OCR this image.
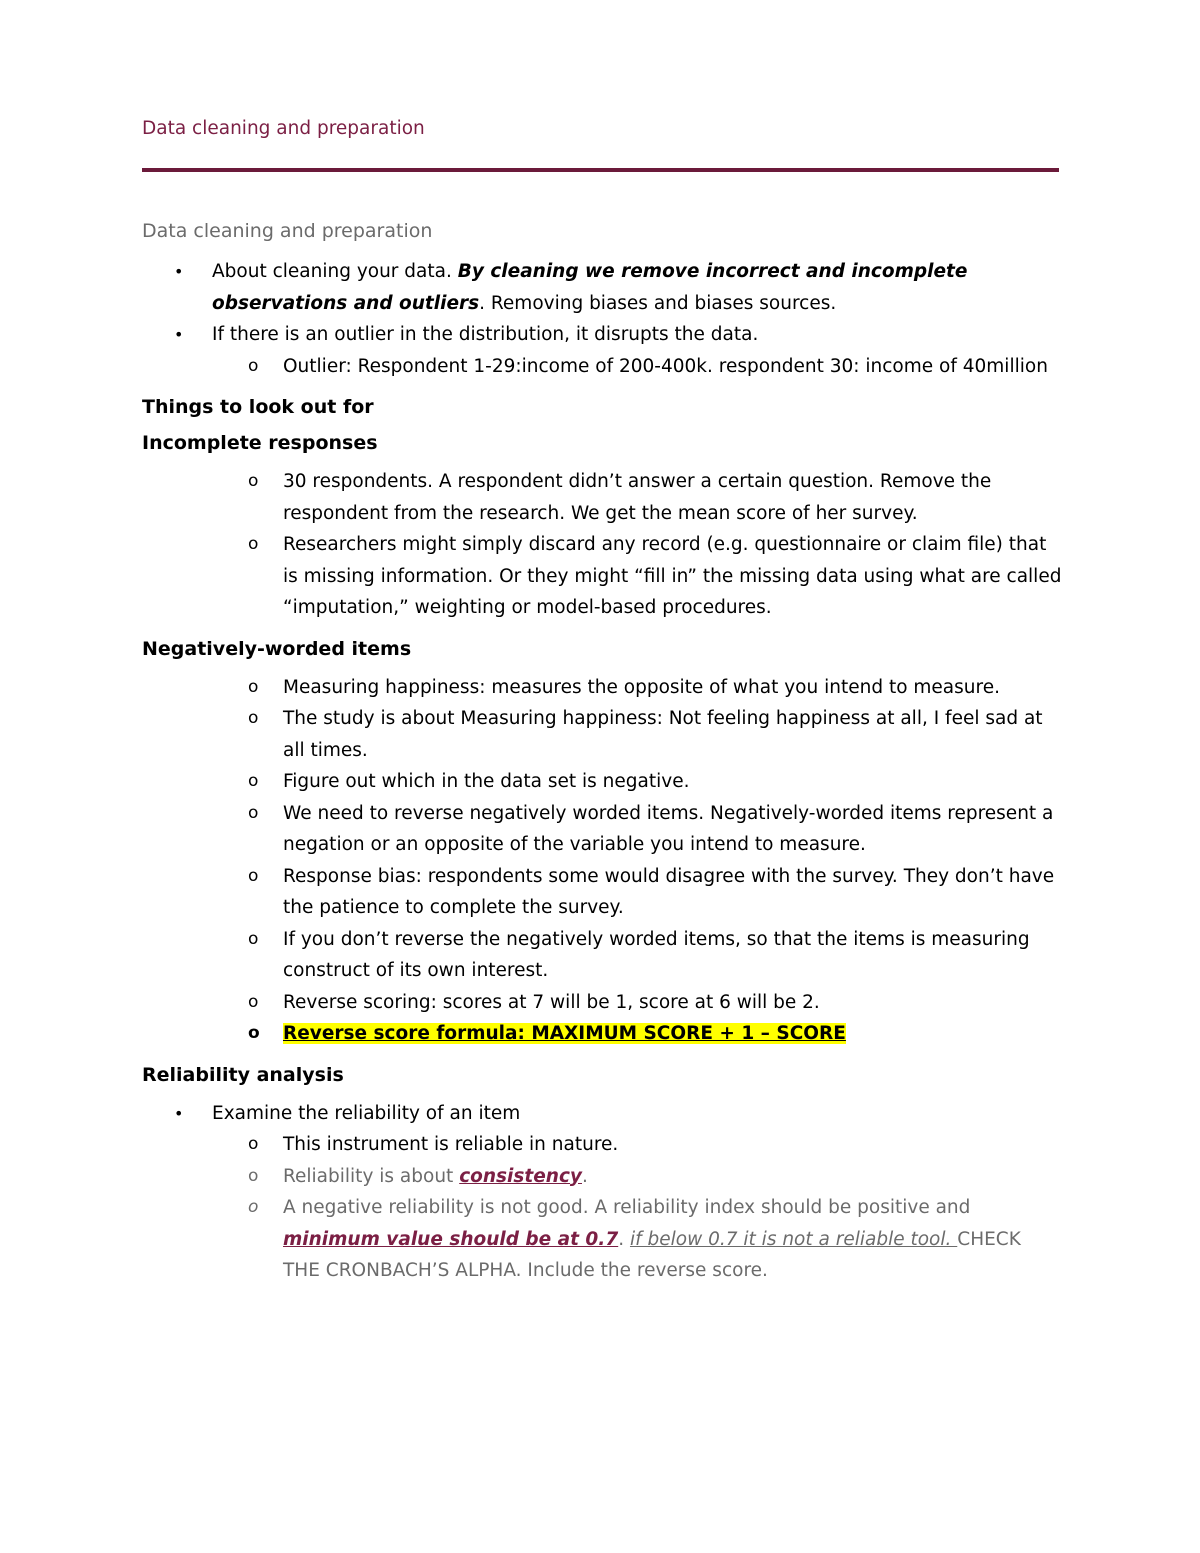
Data cleaning and preparation
Data cleaning and preparation
• About cleaning your data. By cleaning we remove incorrect and incomplete observations and outliers. Removing biases and biases sources.
• If there is an outlier in the distribution, it disrupts the data.
o Outlier: Respondent 1-29:income of 200-400k. respondent 30: income of 40million
Things to look out for
Incomplete responses
o 30 respondents. A respondent didn’t answer a certain question. Remove the respondent from the research. We get the mean score of her survey.
o Researchers might simply discard any record (e.g. questionnaire or claim file) that is missing information. Or they might “fill in” the missing data using what are called “imputation,” weighting or model-based procedures.
Negatively-worded items
o Measuring happiness: measures the opposite of what you intend to measure.
o The study is about Measuring happiness: Not feeling happiness at all, I feel sad at all times.
o Figure out which in the data set is negative.
o We need to reverse negatively worded items. Negatively-worded items represent a negation or an opposite of the variable you intend to measure.
o Response bias: respondents some would disagree with the survey. They don’t have the patience to complete the survey.
o If you don’t reverse the negatively worded items, so that the items is measuring construct of its own interest.
o Reverse scoring: scores at 7 will be 1, score at 6 will be 2.
o Reverse score formula: MAXIMUM SCORE + 1 – SCORE
Reliability analysis
• Examine the reliability of an item
o This instrument is reliable in nature.
o Reliability is about consistency.
o A negative reliability is not good. A reliability index should be positive and minimum value should be at 0.7. if below 0.7 it is not a reliable tool. CHECK THE CRONBACH’S ALPHA. Include the reverse score.
